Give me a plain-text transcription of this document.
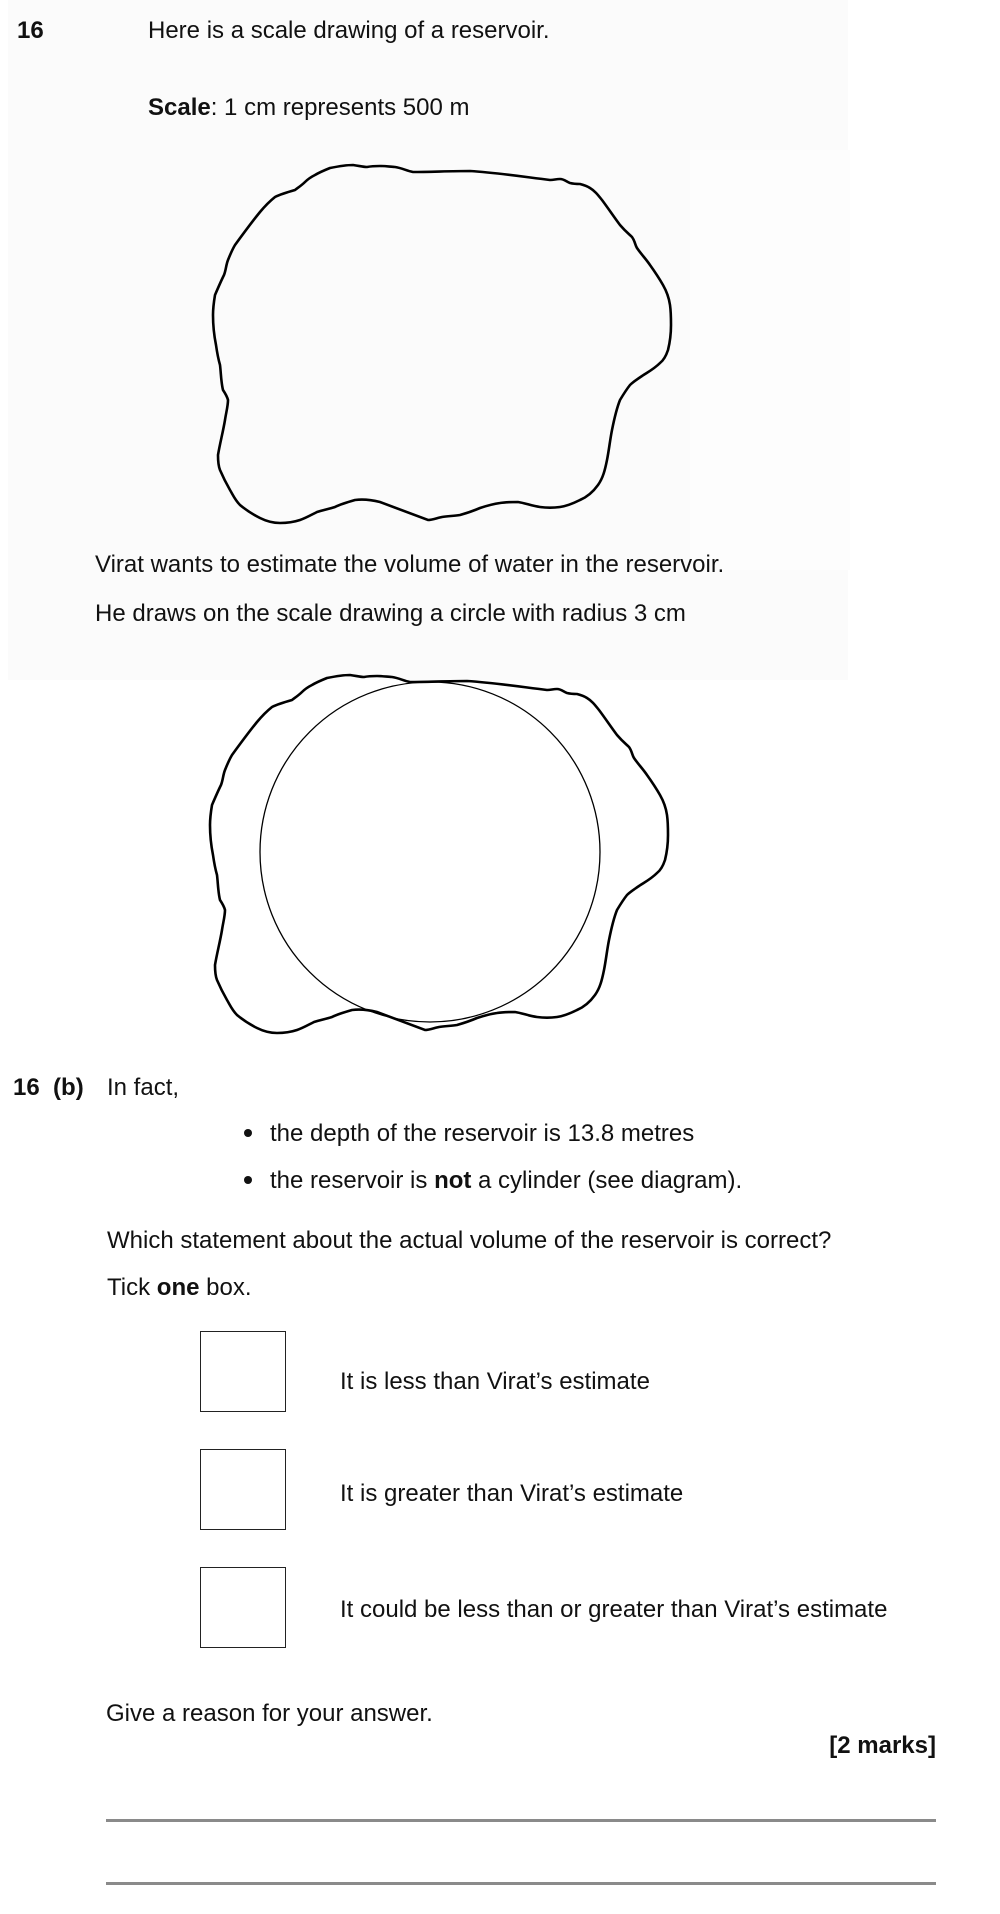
16	Here is a scale drawing of a reservoir.
Scale: 1 cm represents 500 m
Virat wants to estimate the volume of water in the reservoir.
He draws on the scale drawing a circle with radius 3 cm
16 (b) In fact,
the depth of the reservoir is 13.8 metres
the reservoir is not a cylinder (see diagram).
Which statement about the actual volume of the reservoir is correct?
Tick one box.
It is less than Virat’s estimate
It is greater than Virat’s estimate
It could be less than or greater than Virat’s estimate
Give a reason for your answer.
[2 marks]
